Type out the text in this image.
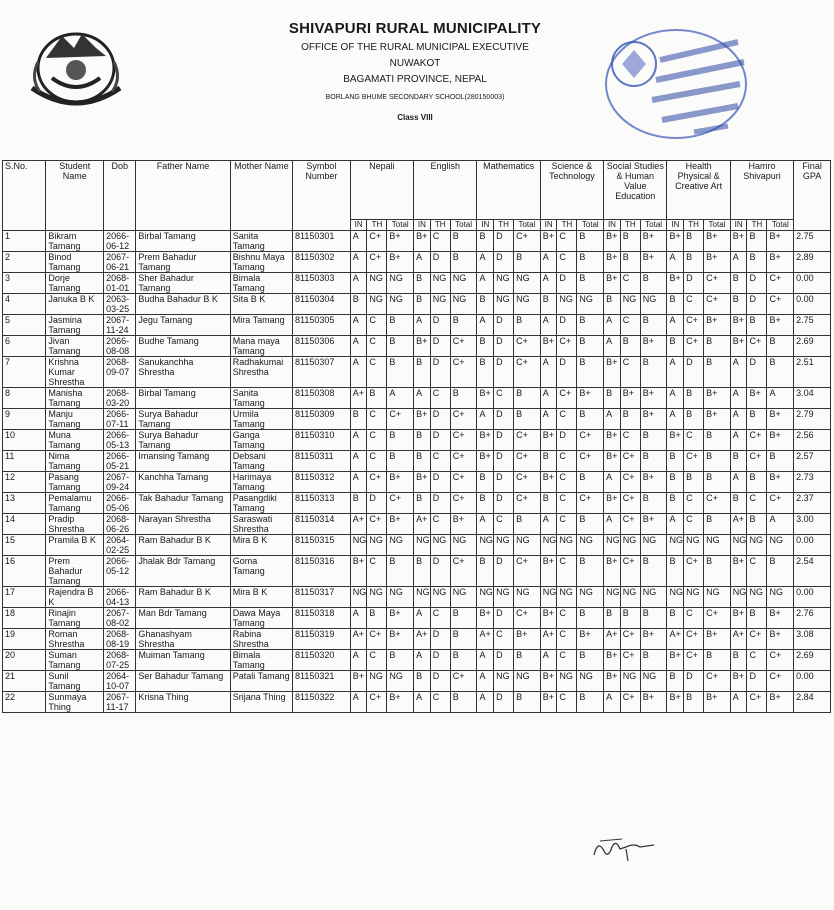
SHIVAPURI RURAL MUNICIPALITY
OFFICE OF THE RURAL MUNICIPAL EXECUTIVE
NUWAKOT
BAGAMATI PROVINCE, NEPAL
BORLANG BHUME SECONDARY SCHOOL(280150003)
Class VIII
S.No.	Student Name	Dob	Father Name	Mother Name	Symbol Number	Nepali			English			Mathematics			Science & Technology			Social Studies & Human Value Education			Health Physical & Creative Art			Hamro Shivapuri			Final GPA
						IN	TH	Total	IN	TH	Total	IN	TH	Total	IN	TH	Total	IN	TH	Total	IN	TH	Total	IN	TH	Total	
1	Bikram Tamang	2066-06-12	Birbal Tamang	Sanita Tamang	81150301	A	C+	B+	B+	C	B	B	D	C+	B+	C	B	B+	B	B+	B+	B	B+	B+	B	B+	2.75
2	Binod Tamang	2067-06-21	Prem Bahadur Tamang	Bishnu Maya Tamang	81150302	A	C+	B+	A	D	B	A	D	B	A	C	B	B+	B	B+	A	B	B+	A	B	B+	2.89
3	Dorje Tamang	2068-01-01	Sher Bahadur Tamang	Bimala Tamang	81150303	A	NG	NG	B	NG	NG	A	NG	NG	A	D	B	B+	C	B	B+	D	C+	B	D	C+	0.00
4	Januka B K	2063-03-25	Budha Bahadur B K	Sita B K	81150304	B	NG	NG	B	NG	NG	B	NG	NG	B	NG	NG	B	NG	NG	B	C	C+	B	D	C+	0.00
5	Jasmina Tamang	2067-11-24	Jegu Tamang	Mira Tamang	81150305	A	C	B	A	D	B	A	D	B	A	D	B	A	C	B	A	C+	B+	B+	B	B+	2.75
6	Jivan Tamang	2066-08-08	Budhe Tamang	Mana maya Tamang	81150306	A	C	B	B+	D	C+	B	D	C+	B+	C+	B	A	B	B+	B	C+	B	B+	C+	B	2.69
7	Krishna Kumar Shrestha	2068-09-07	Sanukanchha Shrestha	Radhakumai Shrestha	81150307	A	C	B	B	D	C+	B	D	C+	A	D	B	B+	C	B	A	D	B	A	D	B	2.51
8	Manisha Tamang	2068-03-20	Birbal Tamang	Sanita Tamang	81150308	A+	B	A	A	C	B	B+	C	B	A	C+	B+	B	B+	B+	A	B	B+	A	B+	A	3.04
9	Manju Tamang	2066-07-11	Surya Bahadur Tamang	Urmila Tamang	81150309	B	C	C+	B+	D	C+	A	D	B	A	C	B	A	B	B+	A	B	B+	A	B	B+	2.79
10	Muna Tamang	2066-05-13	Surya Bahadur Tamang	Ganga Tamang	81150310	A	C	B	B	D	C+	B+	D	C+	B+	D	C+	B+	C	B	B+	C	B	A	C+	B+	2.56
11	Nima Tamang	2066-05-21	Imansing Tamang	Debsani Tamang	81150311	A	C	B	B	C	C+	B+	D	C+	B	C	C+	B+	C+	B	B	C+	B	B	C+	B	2.57
12	Pasang Tamang	2067-09-24	Kanchha Tamang	Harimaya Tamang	81150312	A	C+	B+	B+	D	C+	B	D	C+	B+	C	B	A	C+	B+	B	B	B	A	B	B+	2.73
13	Pemalamu Tamang	2066-05-06	Tak Bahadur Tamang	Pasangdiki Tamang	81150313	B	D	C+	B	D	C+	B	D	C+	B	C	C+	B+	C+	B	B	C	C+	B	C	C+	2.37
14	Pradip Shrestha	2068-06-26	Narayan Shrestha	Saraswati Shrestha	81150314	A+	C+	B+	A+	C	B+	A	C	B	A	C	B	A	C+	B+	A	C	B	A+	B	A	3.00
15	Pramila B K	2064-02-25	Ram Bahadur B K	Mira B K	81150315	NG	NG	NG	NG	NG	NG	NG	NG	NG	NG	NG	NG	NG	NG	NG	NG	NG	NG	NG	NG	NG	0.00
16	Prem Bahadur Tamang	2066-05-12	Jhalak Bdr Tamang	Goma Tamang	81150316	B+	C	B	B	D	C+	B	D	C+	B+	C	B	B+	C+	B	B	C+	B	B+	C	B	2.54
17	Rajendra B K	2066-04-13	Ram Bahadur B K	Mira B K	81150317	NG	NG	NG	NG	NG	NG	NG	NG	NG	NG	NG	NG	NG	NG	NG	NG	NG	NG	NG	NG	NG	0.00
18	Rinajin Tamang	2067-08-02	Man Bdr Tamang	Dawa Maya Tamang	81150318	A	B	B+	A	C	B	B+	D	C+	B+	C	B	B	B	B	B	C	C+	B+	B	B+	2.76
19	Roman Shrestha	2068-08-19	Ghanashyam Shrestha	Rabina Shrestha	81150319	A+	C+	B+	A+	D	B	A+	C	B+	A+	C	B+	A+	C+	B+	A+	C+	B+	A+	C+	B+	3.08
20	Suman Tamang	2068-07-25	Muiman Tamang	Bimala Tamang	81150320	A	C	B	A	D	B	A	D	B	A	C	B	B+	C+	B	B+	C+	B	B	C	C+	2.69
21	Sunil Tamang	2064-10-07	Ser Bahadur Tamang	Patali Tamang	81150321	B+	NG	NG	B	D	C+	A	NG	NG	B+	NG	NG	B+	NG	NG	B	D	C+	B+	D	C+	0.00
22	Sunmaya Thing	2067-11-17	Krisna Thing	Srijana Thing	81150322	A	C+	B+	A	C	B	A	D	B	B+	C	B	A	C+	B+	B+	B	B+	A	C+	B+	2.84
